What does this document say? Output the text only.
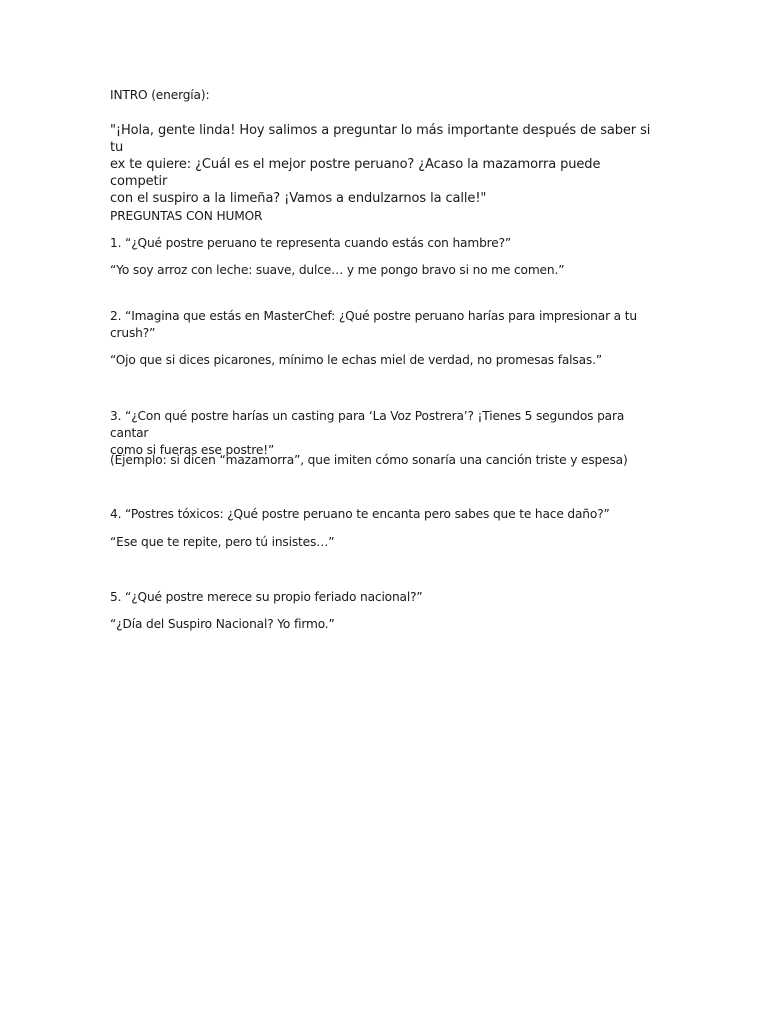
INTRO (energía):

"¡Hola, gente linda! Hoy salimos a preguntar lo más importante después de saber si tu
ex te quiere: ¿Cuál es el mejor postre peruano? ¿Acaso la mazamorra puede competir
con el suspiro a la limeña? ¡Vamos a endulzarnos la calle!"

PREGUNTAS CON HUMOR

1. “¿Qué postre peruano te representa cuando estás con hambre?”

“Yo soy arroz con leche: suave, dulce… y me pongo bravo si no me comen.”

2. “Imagina que estás en MasterChef: ¿Qué postre peruano harías para impresionar a tu
crush?”

“Ojo que si dices picarones, mínimo le echas miel de verdad, no promesas falsas.”

3. “¿Con qué postre harías un casting para ‘La Voz Postrera’? ¡Tienes 5 segundos para cantar
como si fueras ese postre!”

(Ejemplo: si dicen “mazamorra”, que imiten cómo sonaría una canción triste y espesa)

4. “Postres tóxicos: ¿Qué postre peruano te encanta pero sabes que te hace daño?”

“Ese que te repite, pero tú insistes…”

5. “¿Qué postre merece su propio feriado nacional?”

“¿Día del Suspiro Nacional? Yo firmo.”
